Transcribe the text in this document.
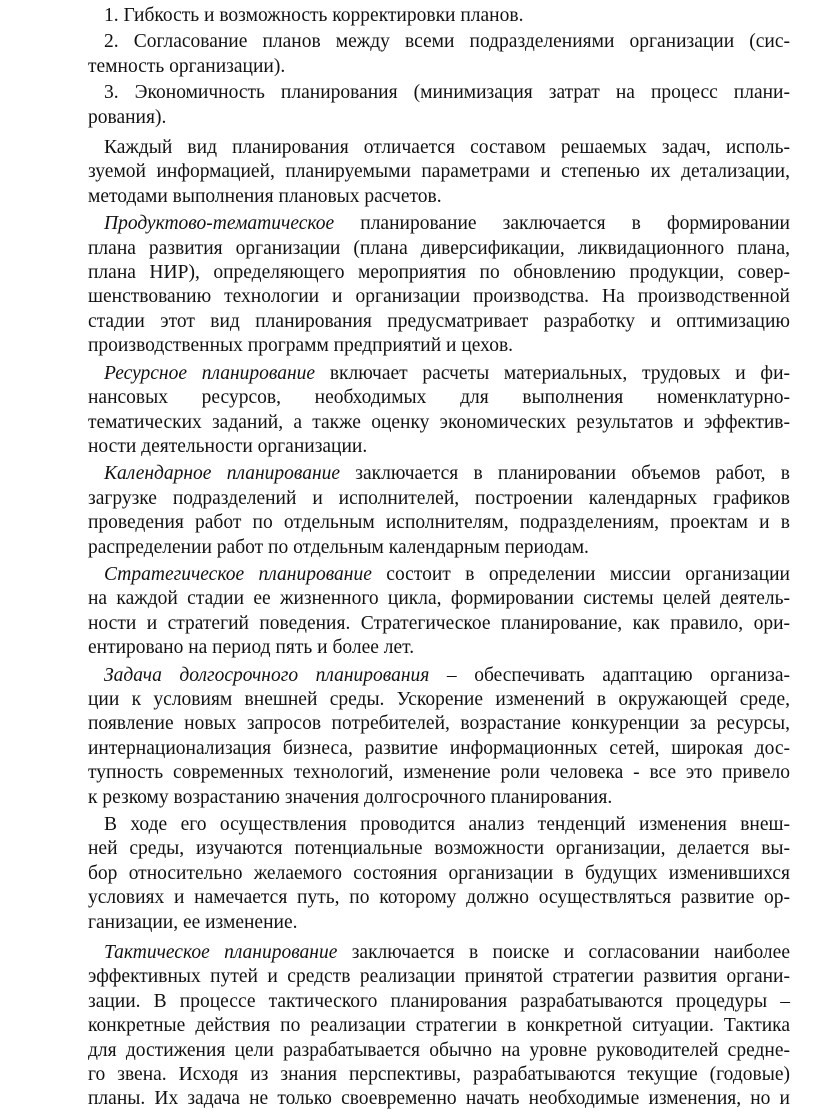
1. Гибкость и возможность корректировки планов.

2. Согласование планов между всеми подразделениями организации (сис-
темность организации).

3. Экономичность планирования (минимизация затрат на процесс плани-
рования).

Каждый вид планирования отличается составом решаемых задач, исполь-
зуемой информацией, планируемыми параметрами и степенью их детализации,
методами выполнения плановых расчетов.

Продуктово-тематическое планирование заключается в формировании
плана развития организации (плана диверсификации, ликвидационного плана,
плана НИР), определяющего мероприятия по обновлению продукции, совер-
шенствованию технологии и организации производства. На производственной
стадии этот вид планирования предусматривает разработку и оптимизацию
производственных программ предприятий и цехов.

Ресурсное планирование включает расчеты материальных, трудовых и фи-
нансовых ресурсов, необходимых для выполнения номенклатурно-
тематических заданий, а также оценку экономических результатов и эффектив-
ности деятельности организации.

Календарное планирование заключается в планировании объемов работ, в
загрузке подразделений и исполнителей, построении календарных графиков
проведения работ по отдельным исполнителям, подразделениям, проектам и в
распределении работ по отдельным календарным периодам.

Стратегическое планирование состоит в определении миссии организации
на каждой стадии ее жизненного цикла, формировании системы целей деятель-
ности и стратегий поведения. Стратегическое планирование, как правило, ори-
ентировано на период пять и более лет.

Задача долгосрочного планирования – обеспечивать адаптацию организа-
ции к условиям внешней среды. Ускорение изменений в окружающей среде,
появление новых запросов потребителей, возрастание конкуренции за ресурсы,
интернационализация бизнеса, развитие информационных сетей, широкая дос-
тупность современных технологий, изменение роли человека - все это привело
к резкому возрастанию значения долгосрочного планирования.

В ходе его осуществления проводится анализ тенденций изменения внеш-
ней среды, изучаются потенциальные возможности организации, делается вы-
бор относительно желаемого состояния организации в будущих изменившихся
условиях и намечается путь, по которому должно осуществляться развитие ор-
ганизации, ее изменение.

Тактическое планирование заключается в поиске и согласовании наиболее
эффективных путей и средств реализации принятой стратегии развития органи-
зации. В процессе тактического планирования разрабатываются процедуры –
конкретные действия по реализации стратегии в конкретной ситуации. Тактика
для достижения цели разрабатывается обычно на уровне руководителей средне-
го звена. Исходя из знания перспективы, разрабатываются текущие (годовые)
планы. Их задача не только своевременно начать необходимые изменения, но и
